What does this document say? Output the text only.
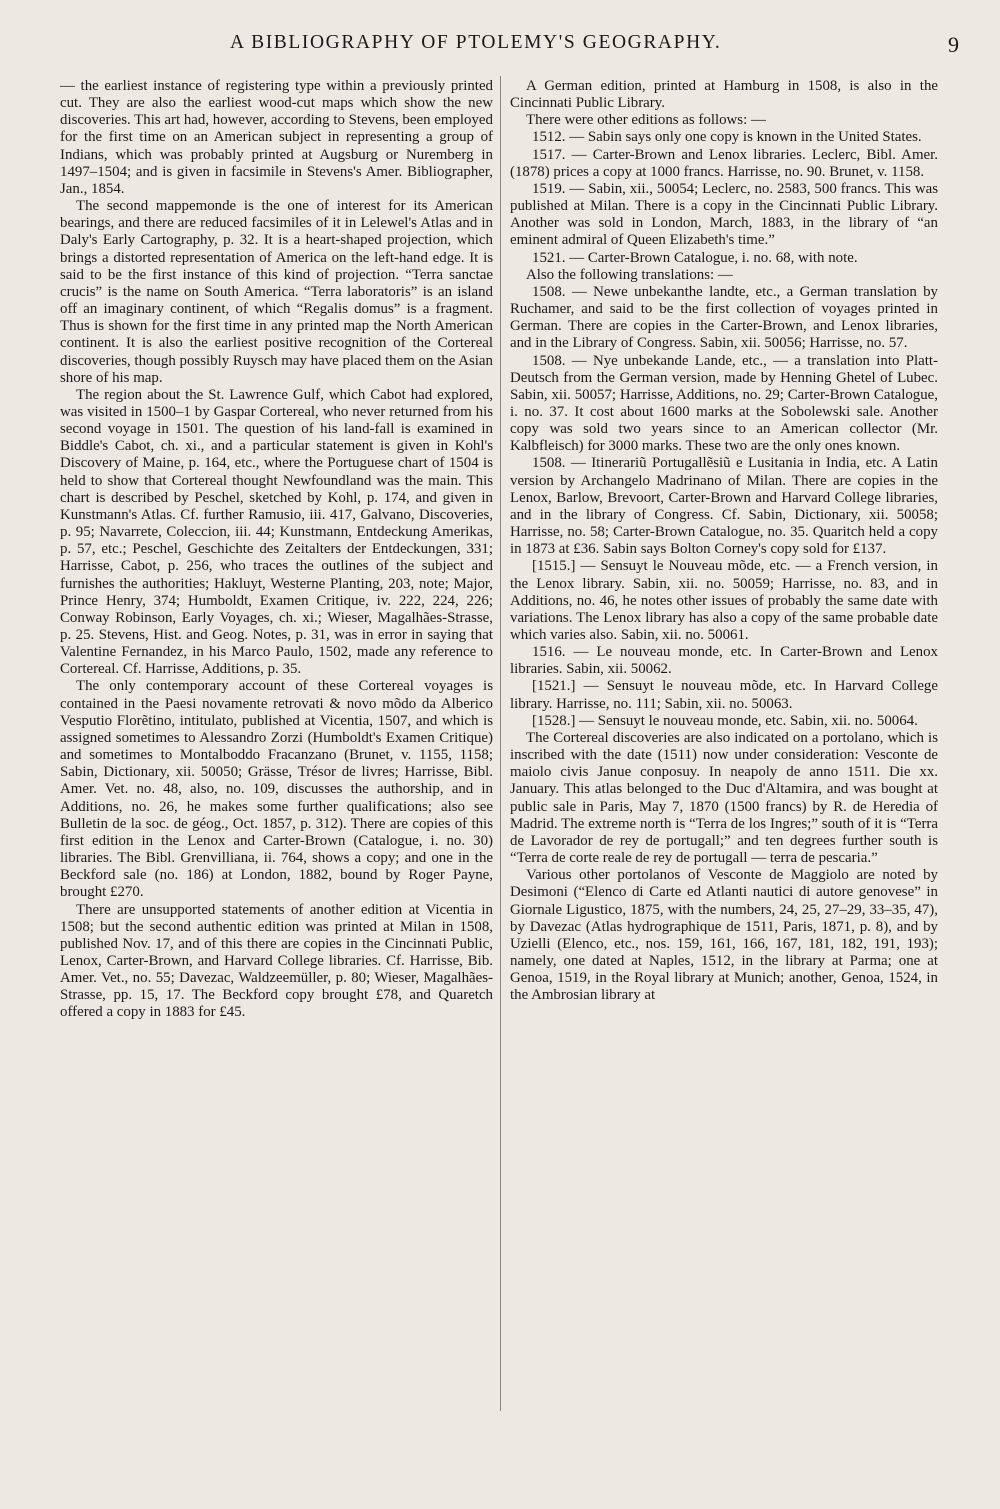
A BIBLIOGRAPHY OF PTOLEMY'S GEOGRAPHY.	9

— the earliest instance of registering type within a previously printed cut. They are also the earliest wood-cut maps which show the new discoveries. This art had, however, according to Stevens, been employed for the first time on an American subject in representing a group of Indians, which was probably printed at Augsburg or Nuremberg in 1497–1504; and is given in facsimile in Stevens's Amer. Bibliographer, Jan., 1854.

The second mappemonde is the one of interest for its American bearings, and there are reduced facsimiles of it in Lelewel's Atlas and in Daly's Early Cartography, p. 32. It is a heart-shaped projection, which brings a distorted representation of America on the left-hand edge. It is said to be the first instance of this kind of projection. “Terra sanctae crucis” is the name on South America. “Terra laboratoris” is an island off an imaginary continent, of which “Regalis domus” is a fragment. Thus is shown for the first time in any printed map the North American continent. It is also the earliest positive recognition of the Cortereal discoveries, though possibly Ruysch may have placed them on the Asian shore of his map.

The region about the St. Lawrence Gulf, which Cabot had explored, was visited in 1500–1 by Gaspar Cortereal, who never returned from his second voyage in 1501. The question of his land-fall is examined in Biddle's Cabot, ch. xi., and a particular statement is given in Kohl's Discovery of Maine, p. 164, etc., where the Portuguese chart of 1504 is held to show that Cortereal thought Newfoundland was the main. This chart is described by Peschel, sketched by Kohl, p. 174, and given in Kunstmann's Atlas. Cf. further Ramusio, iii. 417, Galvano, Discoveries, p. 95; Navarrete, Coleccion, iii. 44; Kunstmann, Entdeckung Amerikas, p. 57, etc.; Peschel, Geschichte des Zeitalters der Entdeckungen, 331; Harrisse, Cabot, p. 256, who traces the outlines of the subject and furnishes the authorities; Hakluyt, Westerne Planting, 203, note; Major, Prince Henry, 374; Humboldt, Examen Critique, iv. 222, 224, 226; Conway Robinson, Early Voyages, ch. xi.; Wieser, Magalhães-Strasse, p. 25. Stevens, Hist. and Geog. Notes, p. 31, was in error in saying that Valentine Fernandez, in his Marco Paulo, 1502, made any reference to Cortereal. Cf. Harrisse, Additions, p. 35.

The only contemporary account of these Cortereal voyages is contained in the Paesi novamente retrovati & novo mõdo da Alberico Vesputio Florẽtino, intitulato, published at Vicentia, 1507, and which is assigned sometimes to Alessandro Zorzi (Humboldt's Examen Critique) and sometimes to Montalboddo Fracanzano (Brunet, v. 1155, 1158; Sabin, Dictionary, xii. 50050; Grässe, Trésor de livres; Harrisse, Bibl. Amer. Vet. no. 48, also, no. 109, discusses the authorship, and in Additions, no. 26, he makes some further qualifications; also see Bulletin de la soc. de géog., Oct. 1857, p. 312). There are copies of this first edition in the Lenox and Carter-Brown (Catalogue, i. no. 30) libraries. The Bibl. Grenvilliana, ii. 764, shows a copy; and one in the Beckford sale (no. 186) at London, 1882, bound by Roger Payne, brought £270.

There are unsupported statements of another edition at Vicentia in 1508; but the second authentic edition was printed at Milan in 1508, published Nov. 17, and of this there are copies in the Cincinnati Public, Lenox, Carter-Brown, and Harvard College libraries. Cf. Harrisse, Bib. Amer. Vet., no. 55; Davezac, Waldzeemüller, p. 80; Wieser, Magalhães-Strasse, pp. 15, 17. The Beckford copy brought £78, and Quaretch offered a copy in 1883 for £45.

A German edition, printed at Hamburg in 1508, is also in the Cincinnati Public Library.

There were other editions as follows: —

1512. — Sabin says only one copy is known in the United States.

1517. — Carter-Brown and Lenox libraries. Leclerc, Bibl. Amer. (1878) prices a copy at 1000 francs. Harrisse, no. 90. Brunet, v. 1158.

1519. — Sabin, xii., 50054; Leclerc, no. 2583, 500 francs. This was published at Milan. There is a copy in the Cincinnati Public Library. Another was sold in London, March, 1883, in the library of “an eminent admiral of Queen Elizabeth's time.”

1521. — Carter-Brown Catalogue, i. no. 68, with note.

Also the following translations: —

1508. — Newe unbekanthe landte, etc., a German translation by Ruchamer, and said to be the first collection of voyages printed in German. There are copies in the Carter-Brown, and Lenox libraries, and in the Library of Congress. Sabin, xii. 50056; Harrisse, no. 57.

1508. — Nye unbekande Lande, etc., — a translation into Platt-Deutsch from the German version, made by Henning Ghetel of Lubec. Sabin, xii. 50057; Harrisse, Additions, no. 29; Carter-Brown Catalogue, i. no. 37. It cost about 1600 marks at the Sobolewski sale. Another copy was sold two years since to an American collector (Mr. Kalbfleisch) for 3000 marks. These two are the only ones known.

1508. — Itinerariũ Portugallẽsiũ e Lusitania in India, etc. A Latin version by Archangelo Madrinano of Milan. There are copies in the Lenox, Barlow, Brevoort, Carter-Brown and Harvard College libraries, and in the library of Congress. Cf. Sabin, Dictionary, xii. 50058; Harrisse, no. 58; Carter-Brown Catalogue, no. 35. Quaritch held a copy in 1873 at £36. Sabin says Bolton Corney's copy sold for £137.

[1515.] — Sensuyt le Nouveau mõde, etc. — a French version, in the Lenox library. Sabin, xii. no. 50059; Harrisse, no. 83, and in Additions, no. 46, he notes other issues of probably the same date with variations. The Lenox library has also a copy of the same probable date which varies also. Sabin, xii. no. 50061.

1516. — Le nouveau monde, etc. In Carter-Brown and Lenox libraries. Sabin, xii. 50062.

[1521.] — Sensuyt le nouveau mõde, etc. In Harvard College library. Harrisse, no. 111; Sabin, xii. no. 50063.

[1528.] — Sensuyt le nouveau monde, etc. Sabin, xii. no. 50064.

The Cortereal discoveries are also indicated on a portolano, which is inscribed with the date (1511) now under consideration: Vesconte de maiolo civis Janue conposuy. In neapoly de anno 1511. Die xx. January. This atlas belonged to the Duc d'Altamira, and was bought at public sale in Paris, May 7, 1870 (1500 francs) by R. de Heredia of Madrid. The extreme north is “Terra de los Ingres;” south of it is “Terra de Lavorador de rey de portugall;” and ten degrees further south is “Terra de corte reale de rey de portugall — terra de pescaria.”

Various other portolanos of Vesconte de Maggiolo are noted by Desimoni (“Elenco di Carte ed Atlanti nautici di autore genovese” in Giornale Ligustico, 1875, with the numbers, 24, 25, 27–29, 33–35, 47), by Davezac (Atlas hydrographique de 1511, Paris, 1871, p. 8), and by Uzielli (Elenco, etc., nos. 159, 161, 166, 167, 181, 182, 191, 193); namely, one dated at Naples, 1512, in the library at Parma; one at Genoa, 1519, in the Royal library at Munich; another, Genoa, 1524, in the Ambrosian library at
